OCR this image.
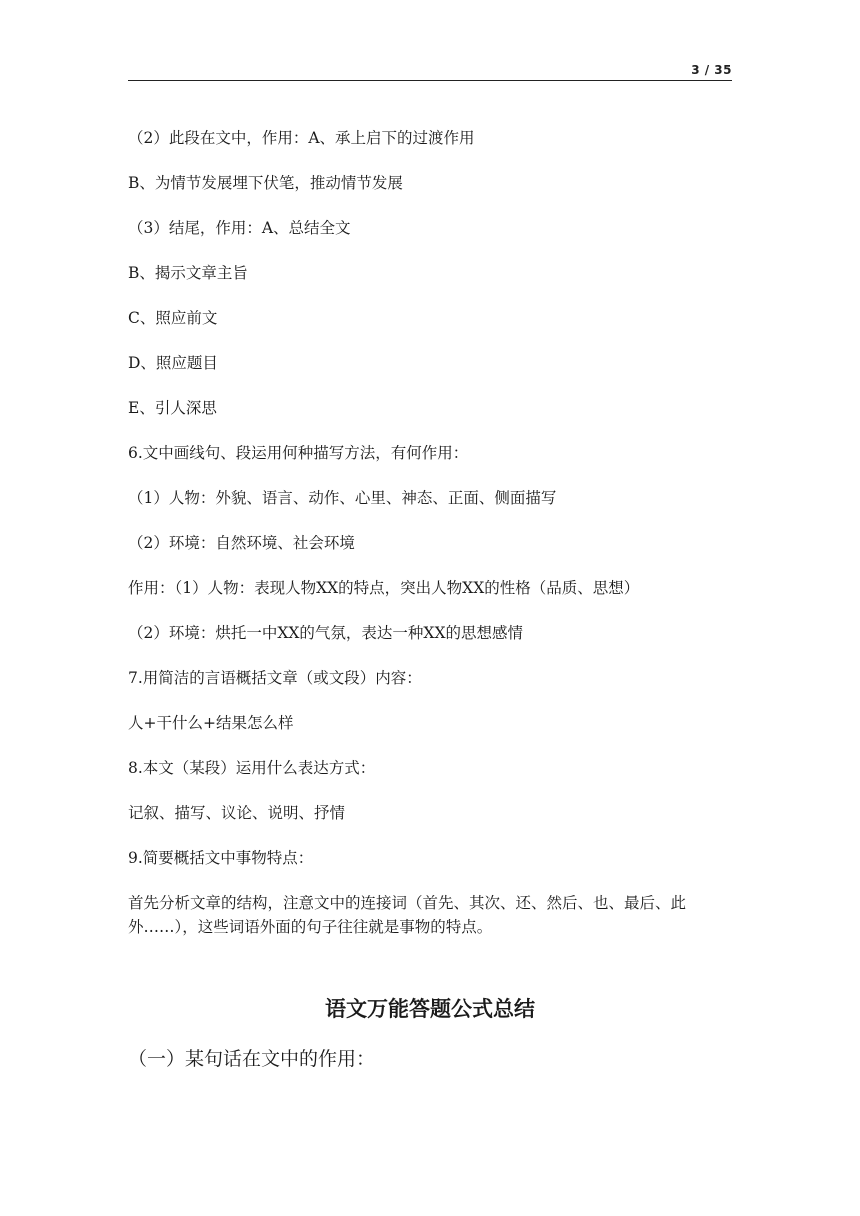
3 / 35
（2）此段在文中，作用：A、承上启下的过渡作用
B、为情节发展埋下伏笔，推动情节发展
（3）结尾，作用：A、总结全文
B、揭示文章主旨
C、照应前文
D、照应题目
E、引人深思
6.文中画线句、段运用何种描写方法，有何作用：
（1）人物：外貌、语言、动作、心里、神态、正面、侧面描写
（2）环境：自然环境、社会环境
作用：（1）人物：表现人物XX的特点，突出人物XX的性格（品质、思想）
（2）环境：烘托一中XX的气氛，表达一种XX的思想感情
7.用简洁的言语概括文章（或文段）内容：
人+干什么+结果怎么样
8.本文（某段）运用什么表达方式：
记叙、描写、议论、说明、抒情
9.简要概括文中事物特点：
首先分析文章的结构，注意文中的连接词（首先、其次、还、然后、也、最后、此外……），这些词语外面的句子往往就是事物的特点。
语文万能答题公式总结
（一）某句话在文中的作用：
